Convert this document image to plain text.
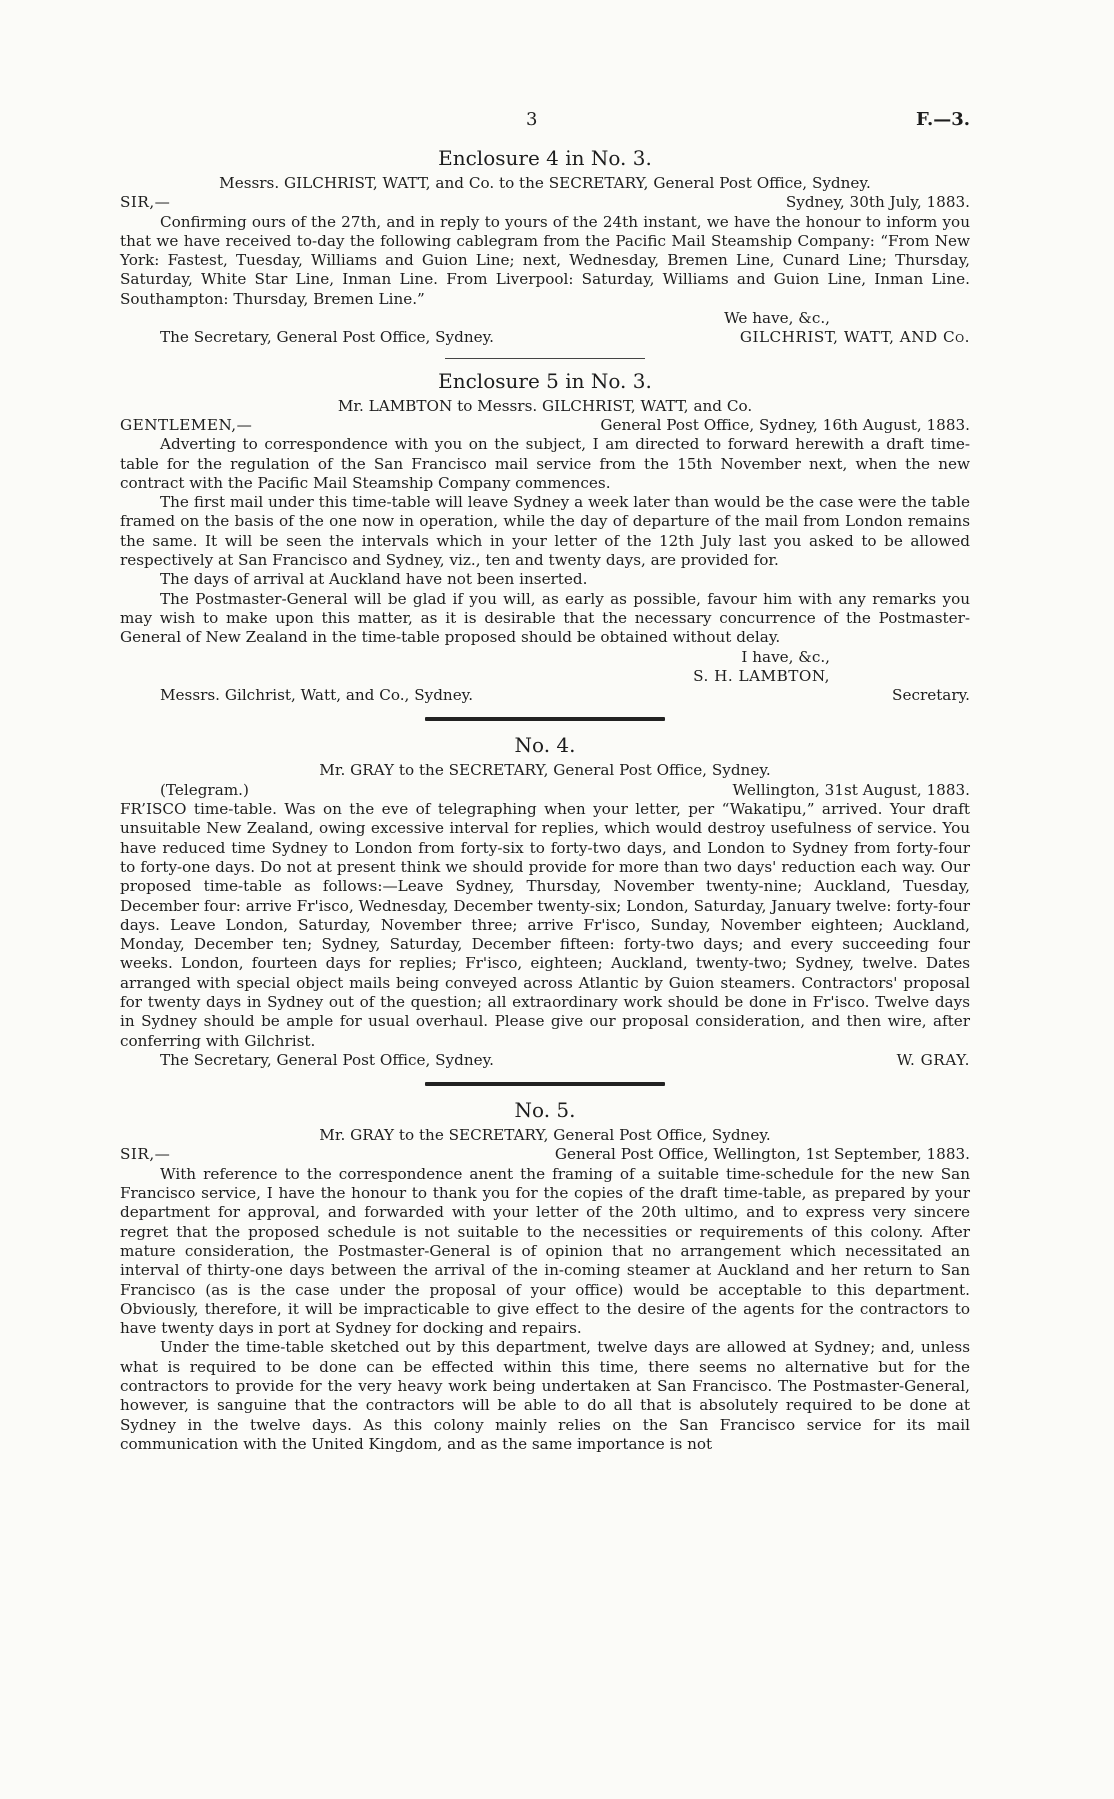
3	F.—3.
Enclosure 4 in No. 3.
Messrs. GILCHRIST, WATT, and Co. to the SECRETARY, General Post Office, Sydney.
SIR,—	Sydney, 30th July, 1883.

Confirming ours of the 27th, and in reply to yours of the 24th instant, we have the honour to inform you that we have received to-day the following cablegram from the Pacific Mail Steamship Company: “From New York: Fastest, Tuesday, Williams and Guion Line; next, Wednesday, Bremen Line, Cunard Line; Thursday, Saturday, White Star Line, Inman Line. From Liverpool: Saturday, Williams and Guion Line, Inman Line. Southampton: Thursday, Bremen Line.”

We have, &c.,
The Secretary, General Post Office, Sydney.	GILCHRIST, WATT, AND Co.
Enclosure 5 in No. 3.
Mr. LAMBTON to Messrs. GILCHRIST, WATT, and Co.
GENTLEMEN,—	General Post Office, Sydney, 16th August, 1883.

Adverting to correspondence with you on the subject, I am directed to forward herewith a draft time-table for the regulation of the San Francisco mail service from the 15th November next, when the new contract with the Pacific Mail Steamship Company commences.

The first mail under this time-table will leave Sydney a week later than would be the case were the table framed on the basis of the one now in operation, while the day of departure of the mail from London remains the same. It will be seen the intervals which in your letter of the 12th July last you asked to be allowed respectively at San Francisco and Sydney, viz., ten and twenty days, are provided for.

The days of arrival at Auckland have not been inserted.

The Postmaster-General will be glad if you will, as early as possible, favour him with any remarks you may wish to make upon this matter, as it is desirable that the necessary concurrence of the Postmaster-General of New Zealand in the time-table proposed should be obtained without delay.

I have, &c.,
S. H. LAMBTON,
Messrs. Gilchrist, Watt, and Co., Sydney.	Secretary.
No. 4.
Mr. GRAY to the SECRETARY, General Post Office, Sydney.
(Telegram.)	Wellington, 31st August, 1883.

FR’ISCO time-table. Was on the eve of telegraphing when your letter, per “Wakatipu,” arrived. Your draft unsuitable New Zealand, owing excessive interval for replies, which would destroy usefulness of service. You have reduced time Sydney to London from forty-six to forty-two days, and London to Sydney from forty-four to forty-one days. Do not at present think we should provide for more than two days' reduction each way. Our proposed time-table as follows:—Leave Sydney, Thursday, November twenty-nine; Auckland, Tuesday, December four: arrive Fr'isco, Wednesday, December twenty-six; London, Saturday, January twelve: forty-four days. Leave London, Saturday, November three; arrive Fr'isco, Sunday, November eighteen; Auckland, Monday, December ten; Sydney, Saturday, December fifteen: forty-two days; and every succeeding four weeks. London, fourteen days for replies; Fr'isco, eighteen; Auckland, twenty-two; Sydney, twelve. Dates arranged with special object mails being conveyed across Atlantic by Guion steamers. Contractors' proposal for twenty days in Sydney out of the question; all extraordinary work should be done in Fr'isco. Twelve days in Sydney should be ample for usual overhaul. Please give our proposal consideration, and then wire, after conferring with Gilchrist.

The Secretary, General Post Office, Sydney.	W. GRAY.
No. 5.
Mr. GRAY to the SECRETARY, General Post Office, Sydney.
SIR,—	General Post Office, Wellington, 1st September, 1883.

With reference to the correspondence anent the framing of a suitable time-schedule for the new San Francisco service, I have the honour to thank you for the copies of the draft time-table, as prepared by your department for approval, and forwarded with your letter of the 20th ultimo, and to express very sincere regret that the proposed schedule is not suitable to the necessities or requirements of this colony. After mature consideration, the Postmaster-General is of opinion that no arrangement which necessitated an interval of thirty-one days between the arrival of the in-coming steamer at Auckland and her return to San Francisco (as is the case under the proposal of your office) would be acceptable to this department. Obviously, therefore, it will be impracticable to give effect to the desire of the agents for the contractors to have twenty days in port at Sydney for docking and repairs.

Under the time-table sketched out by this department, twelve days are allowed at Sydney; and, unless what is required to be done can be effected within this time, there seems no alternative but for the contractors to provide for the very heavy work being undertaken at San Francisco. The Postmaster-General, however, is sanguine that the contractors will be able to do all that is absolutely required to be done at Sydney in the twelve days. As this colony mainly relies on the San Francisco service for its mail communication with the United Kingdom, and as the same importance is not
